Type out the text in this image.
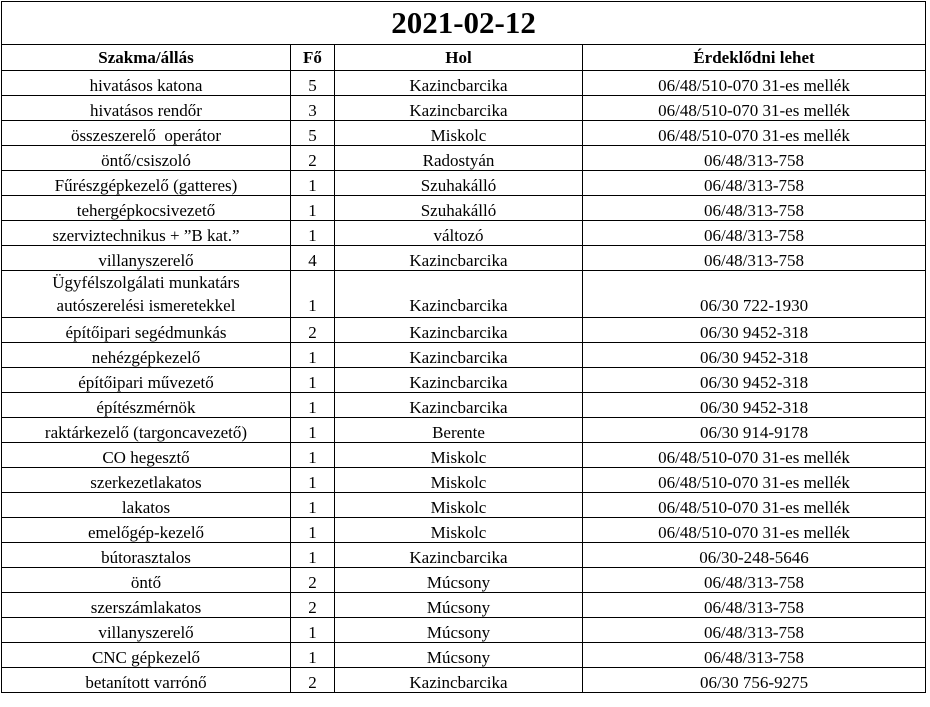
2021-02-12			
Szakma/állás	Fő	Hol	Érdeklődni lehet
hivatásos katona	5	Kazincbarcika	06/48/510-070 31-es mellék
hivatásos rendőr	3	Kazincbarcika	06/48/510-070 31-es mellék
összeszerelő  operátor	5	Miskolc	06/48/510-070 31-es mellék
öntő/csiszoló	2	Radostyán	06/48/313-758
Fűrészgépkezelő (gatteres)	1	Szuhakálló	06/48/313-758
tehergépkocsivezető	1	Szuhakálló	06/48/313-758
szerviztechnikus + ”B kat.”	1	változó	06/48/313-758
villanyszerelő	4	Kazincbarcika	06/48/313-758

Ügyfélszolgálati munkatárs
autószerelési ismeretekkel	1	Kazincbarcika	06/30 722-1930
építőipari segédmunkás	2	Kazincbarcika	06/30 9452-318
nehézgépkezelő	1	Kazincbarcika	06/30 9452-318
építőipari művezető	1	Kazincbarcika	06/30 9452-318
építészmérnök	1	Kazincbarcika	06/30 9452-318
raktárkezelő (targoncavezető)	1	Berente	06/30 914-9178
CO hegesztő	1	Miskolc	06/48/510-070 31-es mellék
szerkezetlakatos	1	Miskolc	06/48/510-070 31-es mellék
lakatos	1	Miskolc	06/48/510-070 31-es mellék
emelőgép-kezelő	1	Miskolc	06/48/510-070 31-es mellék
bútorasztalos	1	Kazincbarcika	06/30-248-5646
öntő	2	Múcsony	06/48/313-758
szerszámlakatos	2	Múcsony	06/48/313-758
villanyszerelő	1	Múcsony	06/48/313-758
CNC gépkezelő	1	Múcsony	06/48/313-758
betanított varrónő	2	Kazincbarcika	06/30 756-9275
